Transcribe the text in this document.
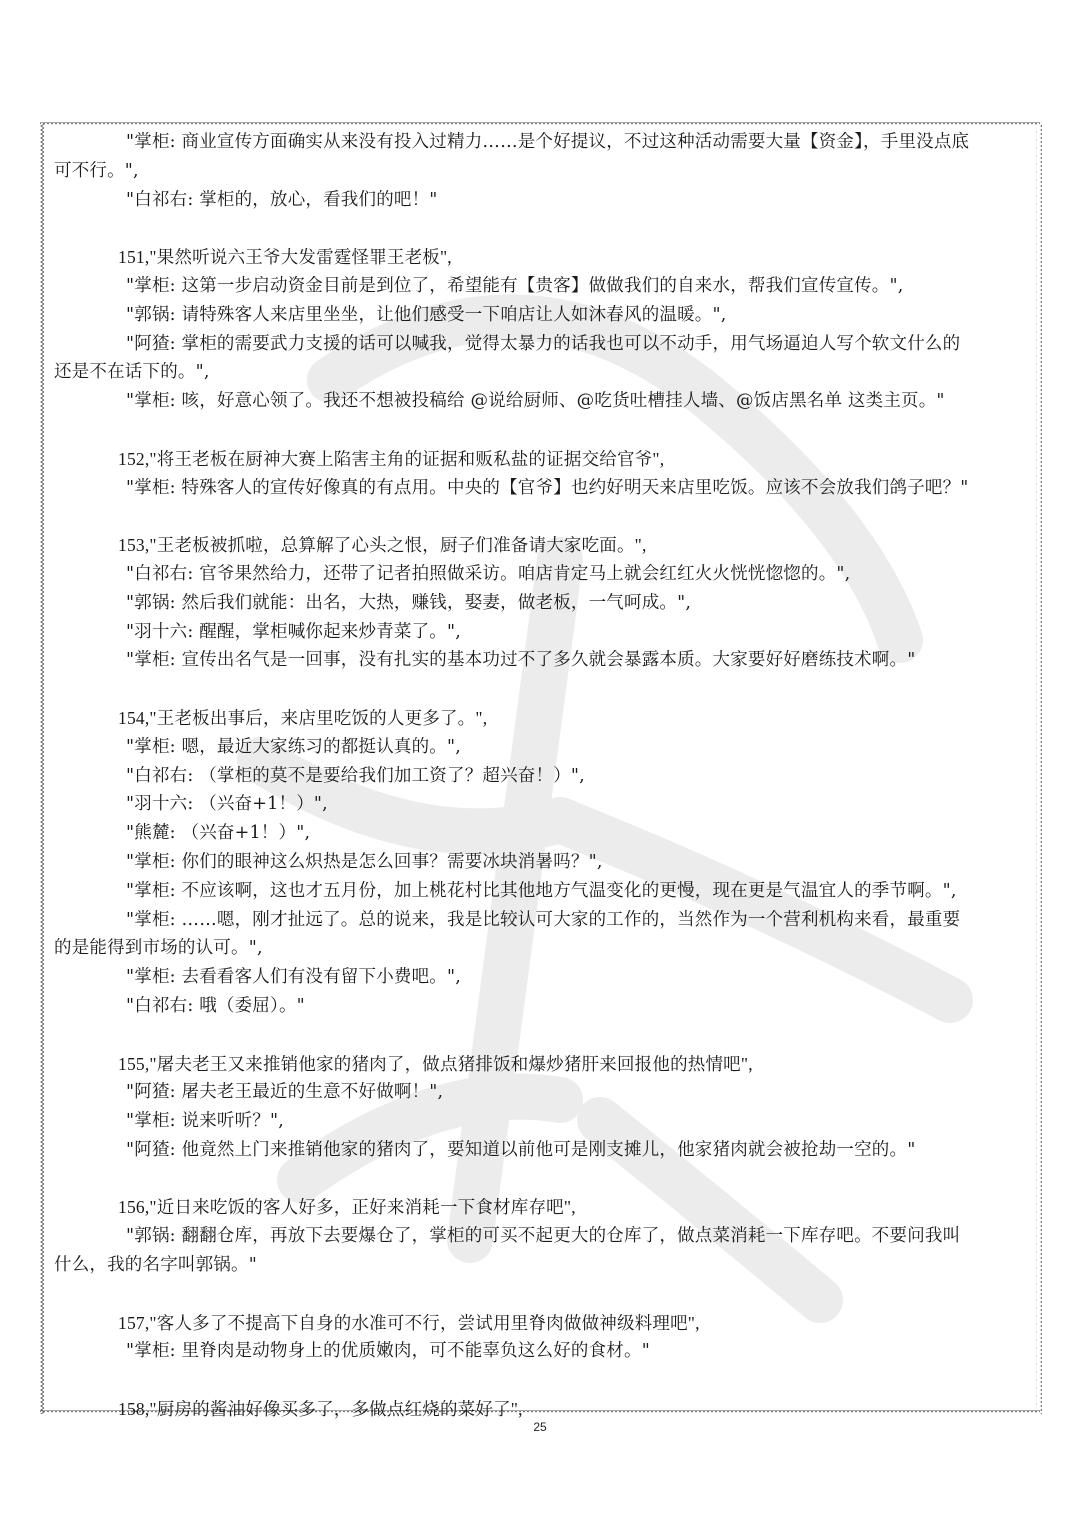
"掌柜: 商业宣传方面确实从来没有投入过精力……是个好提议，不过这种活动需要大量【资金】，手里没点底
可不行。",
"白祁右: 掌柜的，放心，看我们的吧！"
151,"果然听说六王爷大发雷霆怪罪王老板",
"掌柜: 这第一步启动资金目前是到位了，希望能有【贵客】做做我们的自来水，帮我们宣传宣传。",
"郭锅: 请特殊客人来店里坐坐，让他们感受一下咱店让人如沐春风的温暖。",
"阿猹: 掌柜的需要武力支援的话可以喊我，觉得太暴力的话我也可以不动手，用气场逼迫人写个软文什么的
还是不在话下的。",
"掌柜: 咳，好意心领了。我还不想被投稿给 @说给厨师、@吃货吐槽挂人墙、@饭店黑名单 这类主页。"
152,"将王老板在厨神大赛上陷害主角的证据和贩私盐的证据交给官爷",
"掌柜: 特殊客人的宣传好像真的有点用。中央的【官爷】也约好明天来店里吃饭。应该不会放我们鸽子吧？"
153,"王老板被抓啦，总算解了心头之恨，厨子们准备请大家吃面。",
"白祁右: 官爷果然给力，还带了记者拍照做采访。咱店肯定马上就会红红火火恍恍惚惚的。",
"郭锅: 然后我们就能：出名，大热，赚钱，娶妻，做老板，一气呵成。",
"羽十六: 醒醒，掌柜喊你起来炒青菜了。",
"掌柜: 宣传出名气是一回事，没有扎实的基本功过不了多久就会暴露本质。大家要好好磨练技术啊。"
154,"王老板出事后，来店里吃饭的人更多了。",
"掌柜: 嗯，最近大家练习的都挺认真的。",
"白祁右: （掌柜的莫不是要给我们加工资了？超兴奋！）",
"羽十六: （兴奋+1！）",
"熊麓: （兴奋+1！）",
"掌柜: 你们的眼神这么炽热是怎么回事？需要冰块消暑吗？",
"掌柜: 不应该啊，这也才五月份，加上桃花村比其他地方气温变化的更慢，现在更是气温宜人的季节啊。",
"掌柜: ……嗯，刚才扯远了。总的说来，我是比较认可大家的工作的，当然作为一个营利机构来看，最重要
的是能得到市场的认可。",
"掌柜: 去看看客人们有没有留下小费吧。",
"白祁右: 哦（委屈）。"
155,"屠夫老王又来推销他家的猪肉了，做点猪排饭和爆炒猪肝来回报他的热情吧",
"阿猹: 屠夫老王最近的生意不好做啊！",
"掌柜: 说来听听？",
"阿猹: 他竟然上门来推销他家的猪肉了，要知道以前他可是刚支摊儿，他家猪肉就会被抢劫一空的。"
156,"近日来吃饭的客人好多，正好来消耗一下食材库存吧",
"郭锅: 翻翻仓库，再放下去要爆仓了，掌柜的可买不起更大的仓库了，做点菜消耗一下库存吧。不要问我叫
什么，我的名字叫郭锅。"
157,"客人多了不提高下自身的水准可不行，尝试用里脊肉做做神级料理吧",
"掌柜: 里脊肉是动物身上的优质嫩肉，可不能辜负这么好的食材。"
158,"厨房的酱油好像买多了，多做点红烧的菜好了",
25
